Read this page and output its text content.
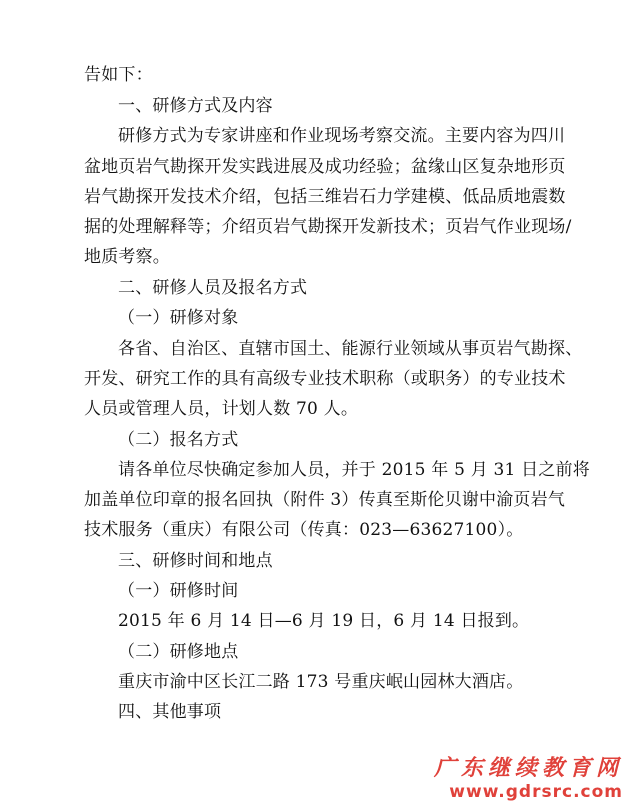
告如下：
一、研修方式及内容
研修方式为专家讲座和作业现场考察交流。主要内容为四川
盆地页岩气勘探开发实践进展及成功经验；盆缘山区复杂地形页
岩气勘探开发技术介绍，包括三维岩石力学建模、低品质地震数
据的处理解释等；介绍页岩气勘探开发新技术；页岩气作业现场/
地质考察。
二、研修人员及报名方式
（一）研修对象
各省、自治区、直辖市国土、能源行业领域从事页岩气勘探、
开发、研究工作的具有高级专业技术职称（或职务）的专业技术
人员或管理人员，计划人数 70 人。
（二）报名方式
请各单位尽快确定参加人员，并于 2015 年 5 月 31 日之前将
加盖单位印章的报名回执（附件 3）传真至斯伦贝谢中渝页岩气
技术服务（重庆）有限公司（传真：023—63627100）。
三、研修时间和地点
（一）研修时间
2015 年 6 月 14 日—6 月 19 日，6 月 14 日报到。
（二）研修地点
重庆市渝中区长江二路 173 号重庆岷山园林大酒店。
四、其他事项
广东继续教育网
www.gdrsrc.com
